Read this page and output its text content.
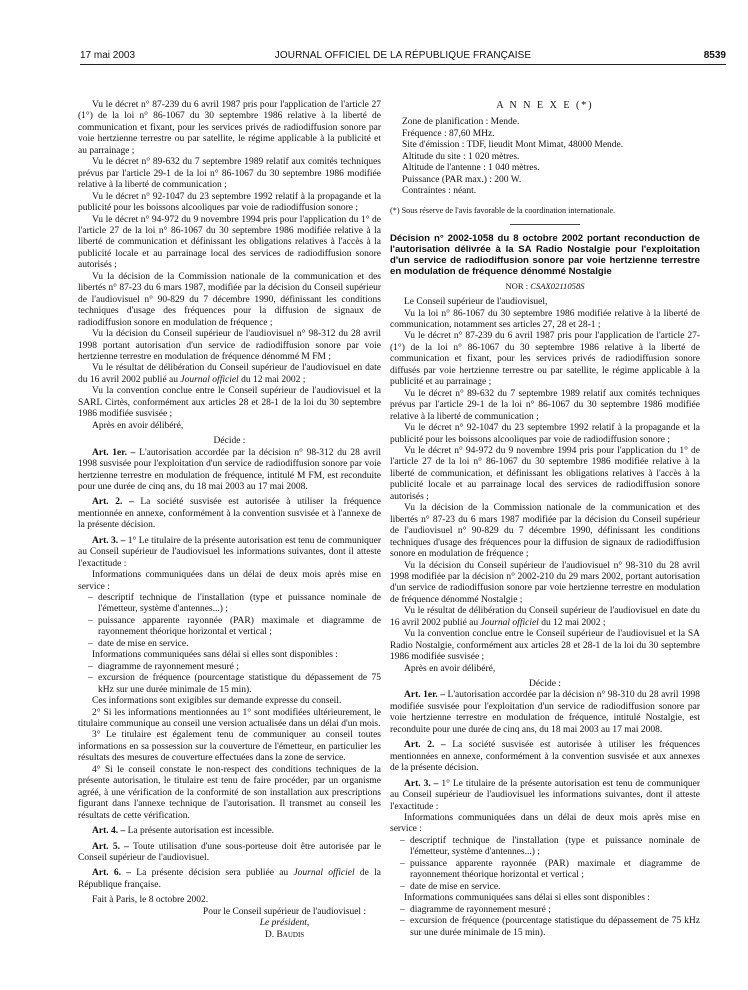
17 mai 2003	JOURNAL OFFICIEL DE LA RÉPUBLIQUE FRANÇAISE	8539

Vu le décret n° 87-239 du 6 avril 1987 pris pour l'application de l'article 27 (1°) de la loi n° 86-1067 du 30 septembre 1986 relative à la liberté de communication et fixant, pour les services privés de radiodiffusion sonore par voie hertzienne terrestre ou par satellite, le régime applicable à la publicité et au parrainage ;

Vu le décret n° 89-632 du 7 septembre 1989 relatif aux comités techniques prévus par l'article 29-1 de la loi n° 86-1067 du 30 septembre 1986 modifiée relative à la liberté de communication ;

Vu le décret n° 92-1047 du 23 septembre 1992 relatif à la propagande et la publicité pour les boissons alcooliques par voie de radiodiffusion sonore ;

Vu le décret n° 94-972 du 9 novembre 1994 pris pour l'application du 1° de l'article 27 de la loi n° 86-1067 du 30 septembre 1986 modifiée relative à la liberté de communication et définissant les obligations relatives à l'accès à la publicité locale et au parrainage local des services de radiodiffusion sonore autorisés ;

Vu la décision de la Commission nationale de la communication et des libertés n° 87-23 du 6 mars 1987, modifiée par la décision du Conseil supérieur de l'audiovisuel n° 90-829 du 7 décembre 1990, définissant les conditions techniques d'usage des fréquences pour la diffusion de signaux de radiodiffusion sonore en modulation de fréquence ;

Vu la décision du Conseil supérieur de l'audiovisuel n° 98-312 du 28 avril 1998 portant autorisation d'un service de radiodiffusion sonore par voie hertzienne terrestre en modulation de fréquence dénommé M FM ;

Vu le résultat de délibération du Conseil supérieur de l'audiovisuel en date du 16 avril 2002 publié au Journal officiel du 12 mai 2002 ;

Vu la convention conclue entre le Conseil supérieur de l'audiovisuel et la SARL Cirtès, conformément aux articles 28 et 28-1 de la loi du 30 septembre 1986 modifiée susvisée ;

Après en avoir délibéré,

Décide :

Art. 1er. – L'autorisation accordée par la décision n° 98-312 du 28 avril 1998 susvisée pour l'exploitation d'un service de radiodiffusion sonore par voie hertzienne terrestre en modulation de fréquence, intitulé M FM, est reconduite pour une durée de cinq ans, du 18 mai 2003 au 17 mai 2008.

Art. 2. – La société susvisée est autorisée à utiliser la fréquence mentionnée en annexe, conformément à la convention susvisée et à l'annexe de la présente décision.

Art. 3. – 1° Le titulaire de la présente autorisation est tenu de communiquer au Conseil supérieur de l'audiovisuel les informations suivantes, dont il atteste l'exactitude :

Informations communiquées dans un délai de deux mois après mise en service :

– descriptif technique de l'installation (type et puissance nominale de l'émetteur, système d'antennes...) ;

– puissance apparente rayonnée (PAR) maximale et diagramme de rayonnement théorique horizontal et vertical ;

– date de mise en service.

Informations communiquées sans délai si elles sont disponibles :

– diagramme de rayonnement mesuré ;

– excursion de fréquence (pourcentage statistique du dépassement de 75 kHz sur une durée minimale de 15 min).

Ces informations sont exigibles sur demande expresse du conseil.

2° Si les informations mentionnées au 1° sont modifiées ultérieurement, le titulaire communique au conseil une version actualisée dans un délai d'un mois.

3° Le titulaire est également tenu de communiquer au conseil toutes informations en sa possession sur la couverture de l'émetteur, en particulier les résultats des mesures de couverture effectuées dans la zone de service.

4° Si le conseil constate le non-respect des conditions techniques de la présente autorisation, le titulaire est tenu de faire procéder, par un organisme agréé, à une vérification de la conformité de son installation aux prescriptions figurant dans l'annexe technique de l'autorisation. Il transmet au conseil les résultats de cette vérification.

Art. 4. – La présente autorisation est incessible.

Art. 5. – Toute utilisation d'une sous-porteuse doit être autorisée par le Conseil supérieur de l'audiovisuel.

Art. 6. – La présente décision sera publiée au Journal officiel de la République française.

Fait à Paris, le 8 octobre 2002.

Pour le Conseil supérieur de l'audiovisuel :

Le président,

D. Baudis

A N N E X E (*)

Zone de planification : Mende.

Fréquence : 87,60 MHz.

Site d'émission : TDF, lieudit Mont Mimat, 48000 Mende.

Altitude du site : 1 020 mètres.

Altitude de l'antenne : 1 040 mètres.

Puissance (PAR max.) : 200 W.

Contraintes : néant.

(*) Sous réserve de l'avis favorable de la coordination internationale.

Décision n° 2002-1058 du 8 octobre 2002 portant reconduction de l'autorisation délivrée à la SA Radio Nostalgie pour l'exploitation d'un service de radiodiffusion sonore par voie hertzienne terrestre en modulation de fréquence dénommé Nostalgie

NOR : CSAX0211058S

Le Conseil supérieur de l'audiovisuel,

Vu la loi n° 86-1067 du 30 septembre 1986 modifiée relative à la liberté de communication, notamment ses articles 27, 28 et 28-1 ;

Vu le décret n° 87-239 du 6 avril 1987 pris pour l'application de l'article 27-(1°) de la loi n° 86-1067 du 30 septembre 1986 relative à la liberté de communication et fixant, pour les services privés de radiodiffusion sonore diffusés par voie hertzienne terrestre ou par satellite, le régime applicable à la publicité et au parrainage ;

Vu le décret n° 89-632 du 7 septembre 1989 relatif aux comités techniques prévus par l'article 29-1 de la loi n° 86-1067 du 30 septembre 1986 modifiée relative à la liberté de communication ;

Vu le décret n° 92-1047 du 23 septembre 1992 relatif à la propagande et la publicité pour les boissons alcooliques par voie de radiodiffusion sonore ;

Vu le décret n° 94-972 du 9 novembre 1994 pris pour l'application du 1° de l'article 27 de la loi n° 86-1067 du 30 septembre 1986 modifiée relative à la liberté de communication, et définissant les obligations relatives à l'accès à la publicité locale et au parrainage local des services de radiodiffusion sonore autorisés ;

Vu la décision de la Commission nationale de la communication et des libertés n° 87-23 du 6 mars 1987 modifiée par la décision du Conseil supérieur de l'audiovisuel n° 90-829 du 7 décembre 1990, définissant les conditions techniques d'usage des fréquences pour la diffusion de signaux de radiodiffusion sonore en modulation de fréquence ;

Vu la décision du Conseil supérieur de l'audiovisuel n° 98-310 du 28 avril 1998 modifiée par la décision n° 2002-210 du 29 mars 2002, portant autorisation d'un service de radiodiffusion sonore par voie hertzienne terrestre en modulation de fréquence dénommé Nostalgie ;

Vu le résultat de délibération du Conseil supérieur de l'audiovisuel en date du 16 avril 2002 publié au Journal officiel du 12 mai 2002 ;

Vu la convention conclue entre le Conseil supérieur de l'audiovisuel et la SA Radio Nostalgie, conformément aux articles 28 et 28-1 de la loi du 30 septembre 1986 modifiée susvisée ;

Après en avoir délibéré,

Décide :

Art. 1er. – L'autorisation accordée par la décision n° 98-310 du 28 avril 1998 modifiée susvisée pour l'exploitation d'un service de radiodiffusion sonore par voie hertzienne terrestre en modulation de fréquence, intitulé Nostalgie, est reconduite pour une durée de cinq ans, du 18 mai 2003 au 17 mai 2008.

Art. 2. – La société susvisée est autorisée à utiliser les fréquences mentionnées en annexe, conformément à la convention susvisée et aux annexes de la présente décision.

Art. 3. – 1° Le titulaire de la présente autorisation est tenu de communiquer au Conseil supérieur de l'audiovisuel les informations suivantes, dont il atteste l'exactitude :

Informations communiquées dans un délai de deux mois après mise en service :

– descriptif technique de l'installation (type et puissance nominale de l'émetteur, système d'antennes...) ;

– puissance apparente rayonnée (PAR) maximale et diagramme de rayonnement théorique horizontal et vertical ;

– date de mise en service.

Informations communiquées sans délai si elles sont disponibles :

– diagramme de rayonnement mesuré ;

– excursion de fréquence (pourcentage statistique du dépassement de 75 kHz sur une durée minimale de 15 min).
